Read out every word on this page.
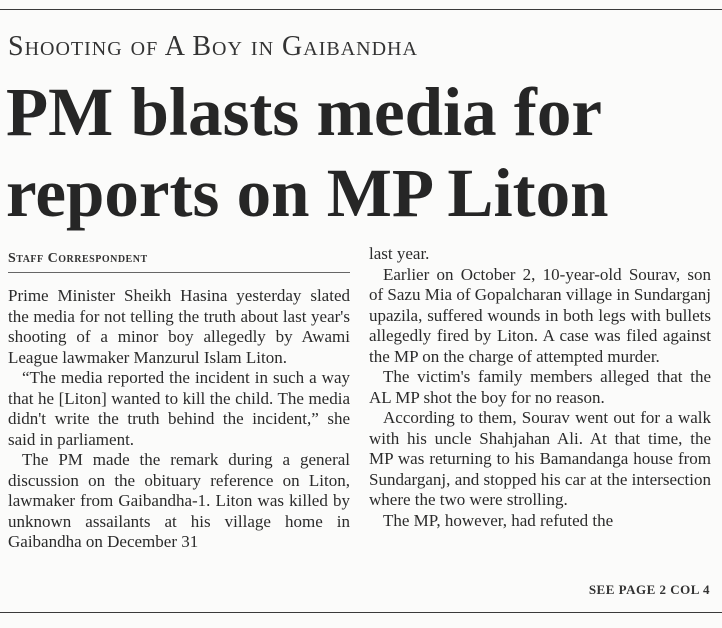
Shooting of A Boy in Gaibandha
PM blasts media for
reports on MP Liton
Staff Correspondent

Prime Minister Sheikh Hasina yesterday slated the media for not telling the truth about last year's shooting of a minor boy allegedly by Awami League lawmaker Manzurul Islam Liton.

“The media reported the incident in such a way that he [Liton] wanted to kill the child. The media didn't write the truth behind the incident,” she said in parliament.

The PM made the remark during a general discussion on the obituary reference on Liton, lawmaker from Gaibandha-1. Liton was killed by unknown assailants at his village home in Gaibandha on December 31

last year.

Earlier on October 2, 10-year-old Sourav, son of Sazu Mia of Gopalcharan village in Sundarganj upazila, suffered wounds in both legs with bullets allegedly fired by Liton. A case was filed against the MP on the charge of attempted murder.

The victim's family members alleged that the AL MP shot the boy for no reason.

According to them, Sourav went out for a walk with his uncle Shahjahan Ali. At that time, the MP was returning to his Bamandanga house from Sundarganj, and stopped his car at the intersection where the two were strolling.

The MP, however, had refuted the

SEE PAGE 2 COL 4
